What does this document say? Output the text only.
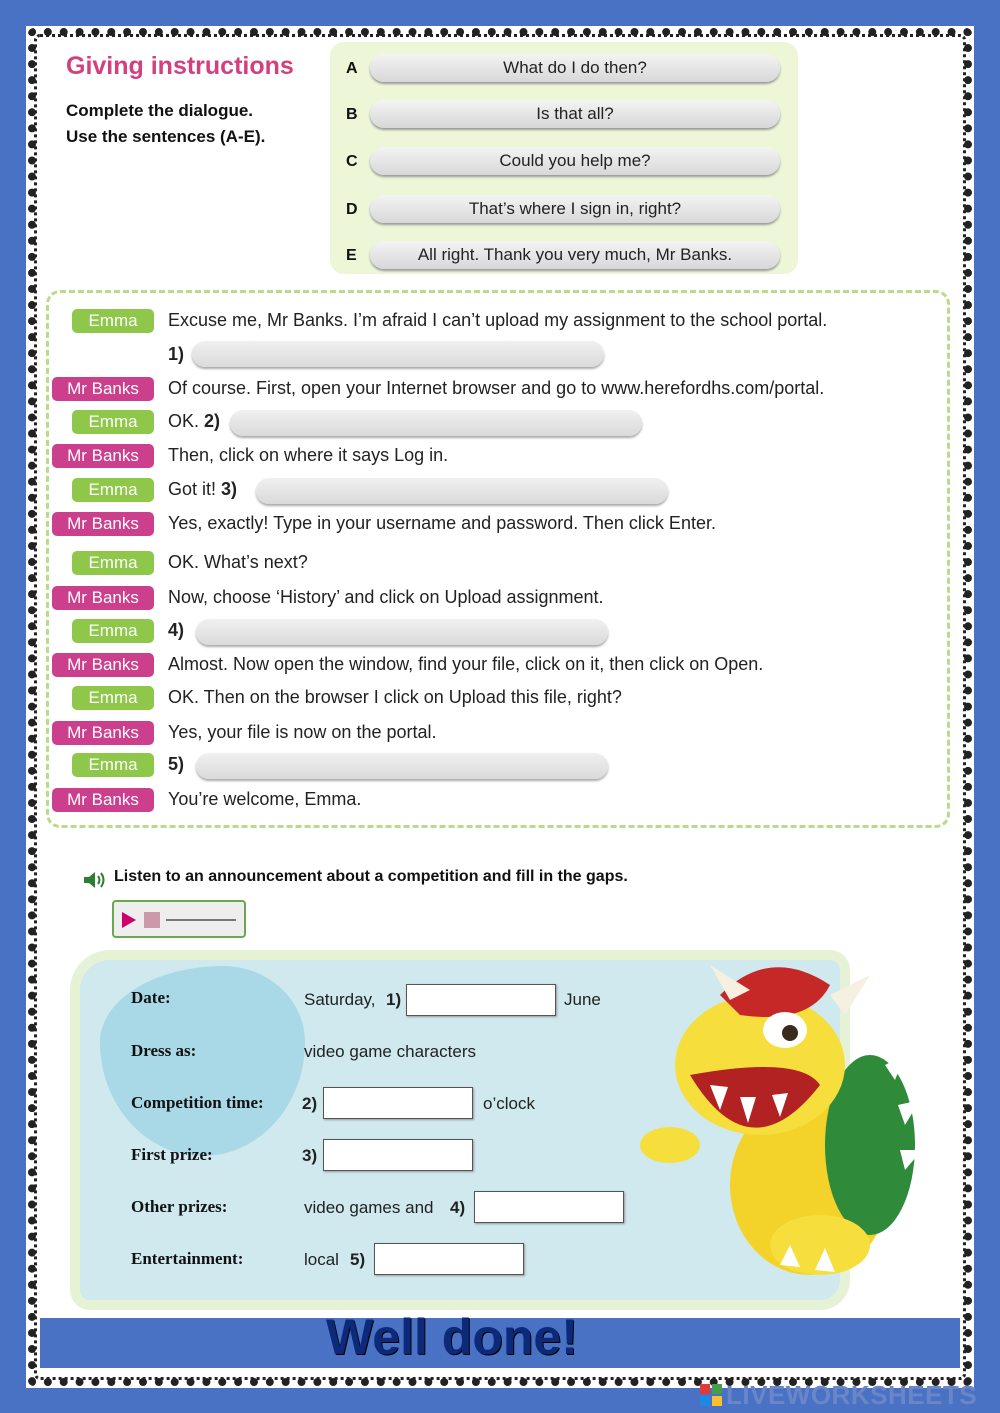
Giving instructions
Complete the dialogue.
Use the sentences (A-E).
A	What do I do then?
B	Is that all?
C	Could you help me?
D	That’s where I sign in, right?
E	All right. Thank you very much, Mr Banks.
Emma	Excuse me, Mr Banks. I’m afraid I can’t upload my assignment to the school portal.
1)
Mr Banks	Of course. First, open your Internet browser and go to www.herefordhs.com/portal.
Emma	OK. 2)
Mr Banks	Then, click on where it says Log in.
Emma	Got it! 3)
Mr Banks	Yes, exactly! Type in your username and password. Then click Enter.
Emma	OK. What’s next?
Mr Banks	Now, choose ‘History’ and click on Upload assignment.
Emma	4)
Mr Banks	Almost. Now open the window, find your file, click on it, then click on Open.
Emma	OK. Then on the browser I click on Upload this file, right?
Mr Banks	Yes, your file is now on the portal.
Emma	5)
Mr Banks	You’re welcome, Emma.
Listen to an announcement about a competition and fill in the gaps.
Date:	Saturday, 1)	June
Dress as:	video game characters
Competition time: 2)	o’clock
First prize:	3)
Other prizes:	video games and 4)
Entertainment:	local 5)
Well done!
LIVEWORKSHEETS
